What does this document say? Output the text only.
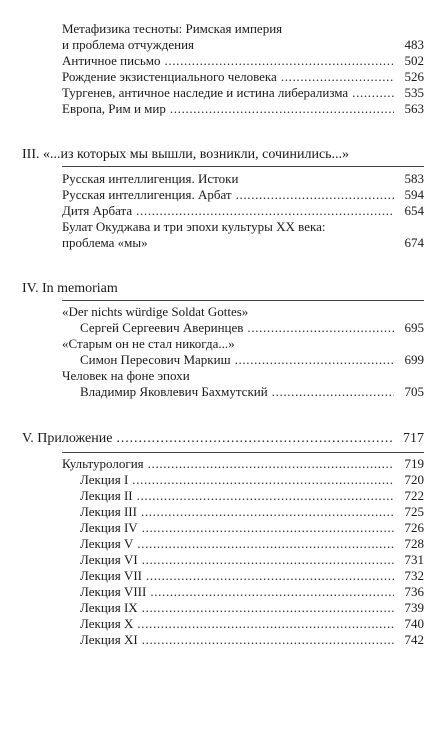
Метафизика тесноты: Римская империя
и проблема отчуждения	483
Античное письмо . . .	502
Рождение экзистенциального человека . . .	526
Тургенев, античное наследие и истина либерализма . . .	535
Европа, Рим и мир . . .	563
III. «...из которых мы вышли, возникли, сочинились...»
Русская интеллигенция. Истоки	583
Русская интеллигенция. Арбат . . .	594
Дитя Арбата . . .	654
Булат Окуджава и три эпохи культуры XX века:
проблема «мы»	674
IV. In memoriam
«Der nichts würdige Soldat Gottes»
Сергей Сергеевич Аверинцев . . .	695
«Старым он не стал никогда...»
Симон Пересович Маркиш . . .	699
Человек на фоне эпохи
Владимир Яковлевич Бахмутский . . .	705
V. Приложение . . .	717
Культурология . . .	719
Лекция I . . .	720
Лекция II . . .	722
Лекция III . . .	725
Лекция IV . . .	726
Лекция V . . .	728
Лекция VI . . .	731
Лекция VII . . .	732
Лекция VIII . . .	736
Лекция IX . . .	739
Лекция X . . .	740
Лекция XI . . .	742
